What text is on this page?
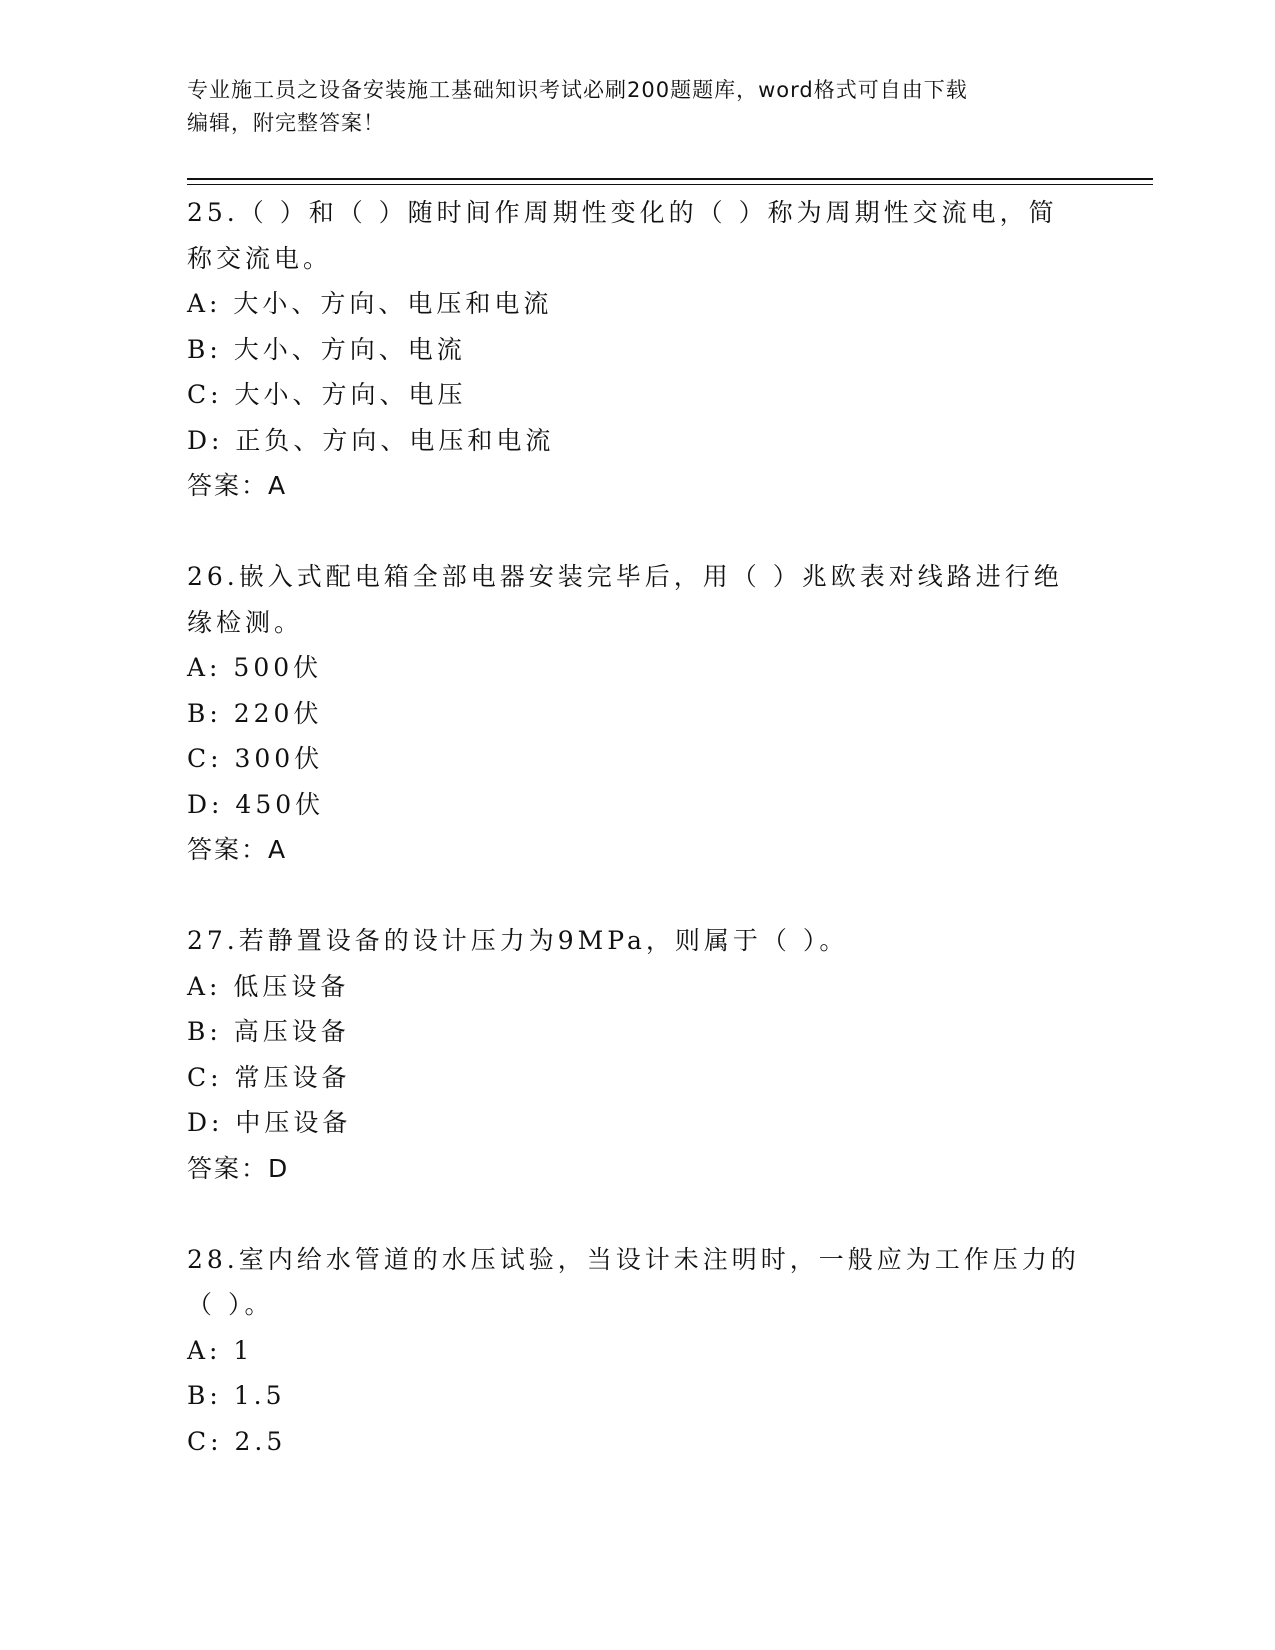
专业施工员之设备安装施工基础知识考试必刷200题题库，word格式可自由下载
编辑，附完整答案！
25.（ ）和（ ）随时间作周期性变化的（ ）称为周期性交流电，简
称交流电。
A: 大小、方向、电压和电流
B: 大小、方向、电流
C: 大小、方向、电压
D: 正负、方向、电压和电流
答案：A
26.嵌入式配电箱全部电器安装完毕后，用（ ）兆欧表对线路进行绝
缘检测。
A: 500伏
B: 220伏
C: 300伏
D: 450伏
答案：A
27.若静置设备的设计压力为9MPa，则属于（ ）。
A: 低压设备
B: 高压设备
C: 常压设备
D: 中压设备
答案：D
28.室内给水管道的水压试验，当设计未注明时，一般应为工作压力的
（ ）。
A: 1
B: 1.5
C: 2.5
